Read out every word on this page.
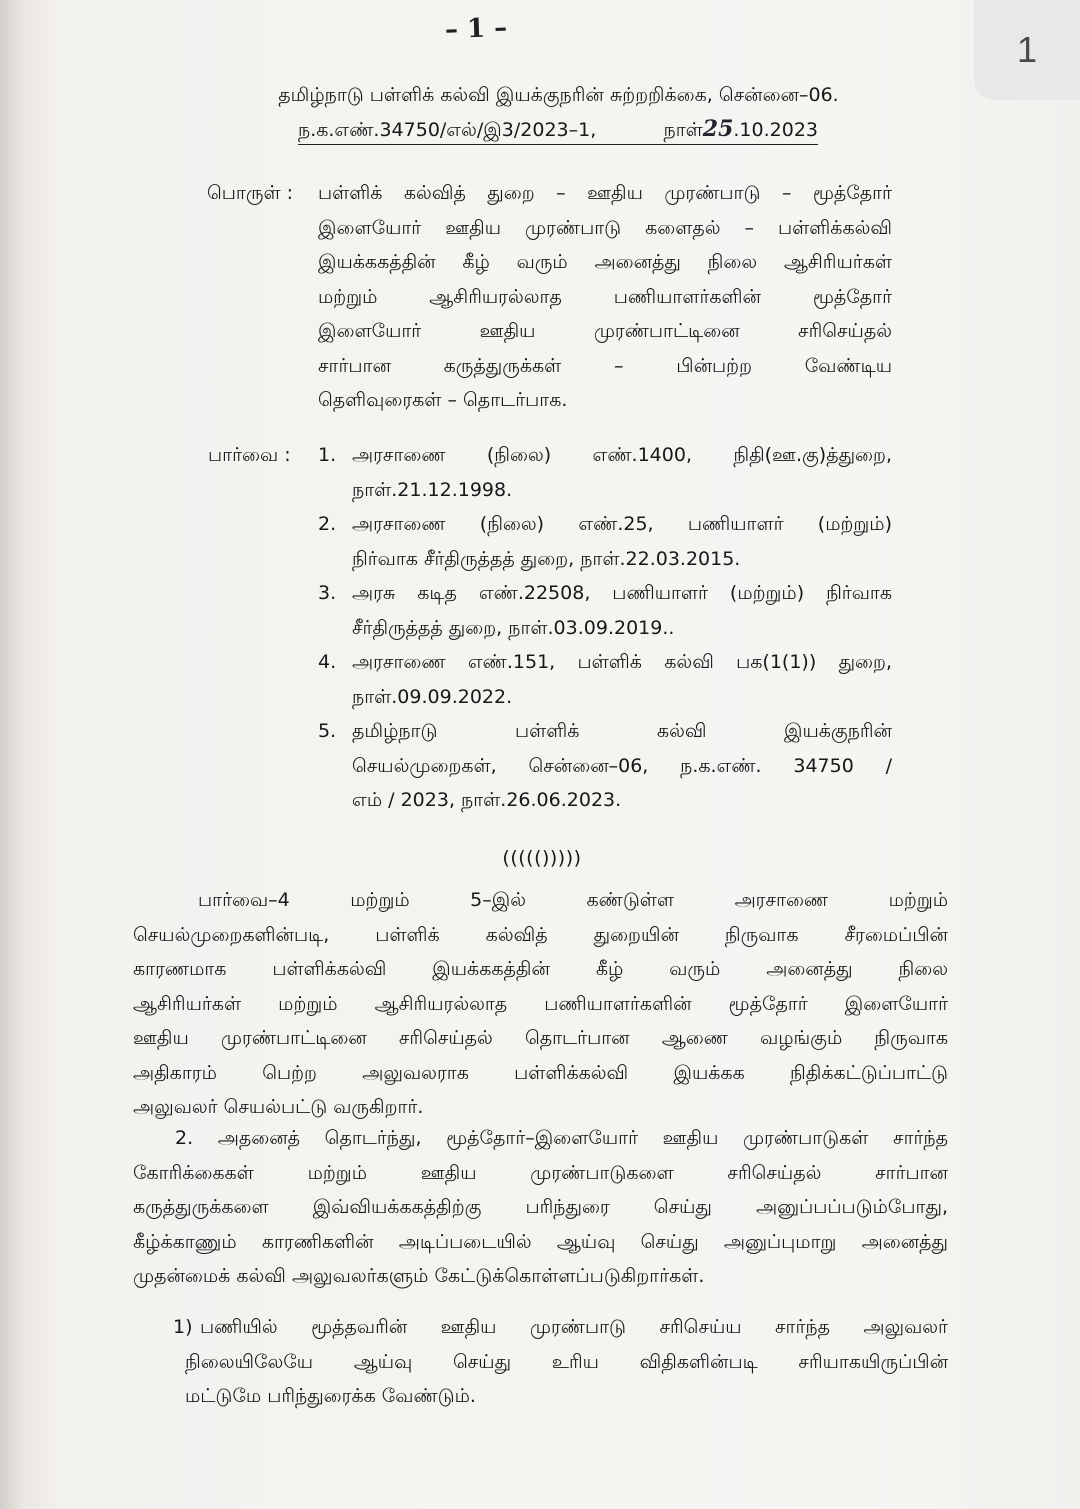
1
– 1 –
தமிழ்நாடு பள்ளிக் கல்வி இயக்குநரின் சுற்றறிக்கை, சென்னை–06.
ந.க.எண்.34750/எல்/இ3/2023–1,	நாள்25.10.2023
பொருள் :	பள்ளிக் கல்வித் துறை – ஊதிய முரண்பாடு – மூத்தோர்
இளையோர் ஊதிய முரண்பாடு களைதல் – பள்ளிக்கல்வி
இயக்ககத்தின் கீழ் வரும் அனைத்து நிலை ஆசிரியர்கள்
மற்றும் ஆசிரியரல்லாத பணியாளர்களின் மூத்தோர்
இளையோர் ஊதிய முரண்பாட்டினை சரிசெய்தல்
சார்பான கருத்துருக்கள் – பின்பற்ற வேண்டிய
தெளிவுரைகள் – தொடர்பாக.
பார்வை :	1. அரசாணை (நிலை) எண்.1400, நிதி(ஊ.கு)த்துறை,
நாள்.21.12.1998.
2. அரசாணை (நிலை) எண்.25, பணியாளர் (மற்றும்)
நிர்வாக சீர்திருத்தத் துறை, நாள்.22.03.2015.
3. அரசு கடித எண்.22508, பணியாளர் (மற்றும்) நிர்வாக
சீர்திருத்தத் துறை, நாள்.03.09.2019..
4. அரசாணை எண்.151, பள்ளிக் கல்வி பக(1(1)) துறை,
நாள்.09.09.2022.
5. தமிழ்நாடு பள்ளிக் கல்வி இயக்குநரின்
செயல்முறைகள், சென்னை–06, ந.க.எண். 34750 /
எம் / 2023, நாள்.26.06.2023.
((((()))))
பார்வை–4 மற்றும் 5–இல் கண்டுள்ள அரசாணை மற்றும்
செயல்முறைகளின்படி, பள்ளிக் கல்வித் துறையின் நிருவாக சீரமைப்பின்
காரணமாக பள்ளிக்கல்வி இயக்ககத்தின் கீழ் வரும் அனைத்து நிலை
ஆசிரியர்கள் மற்றும் ஆசிரியரல்லாத பணியாளர்களின் மூத்தோர் இளையோர்
ஊதிய முரண்பாட்டினை சரிசெய்தல் தொடர்பான ஆணை வழங்கும் நிருவாக
அதிகாரம் பெற்ற அலுவலராக பள்ளிக்கல்வி இயக்கக நிதிக்கட்டுப்பாட்டு
அலுவலர் செயல்பட்டு வருகிறார்.
2. அதனைத் தொடர்ந்து, மூத்தோர்–இளையோர் ஊதிய முரண்பாடுகள் சார்ந்த
கோரிக்கைகள் மற்றும் ஊதிய முரண்பாடுகளை சரிசெய்தல் சார்பான
கருத்துருக்களை இவ்வியக்ககத்திற்கு பரிந்துரை செய்து அனுப்பப்படும்போது,
கீழ்க்காணும் காரணிகளின் அடிப்படையில் ஆய்வு செய்து அனுப்புமாறு அனைத்து
முதன்மைக் கல்வி அலுவலர்களும் கேட்டுக்கொள்ளப்படுகிறார்கள்.
1) பணியில் மூத்தவரின் ஊதிய முரண்பாடு சரிசெய்ய சார்ந்த அலுவலர்
நிலையிலேயே ஆய்வு செய்து உரிய விதிகளின்படி சரியாகயிருப்பின்
மட்டுமே பரிந்துரைக்க வேண்டும்.
